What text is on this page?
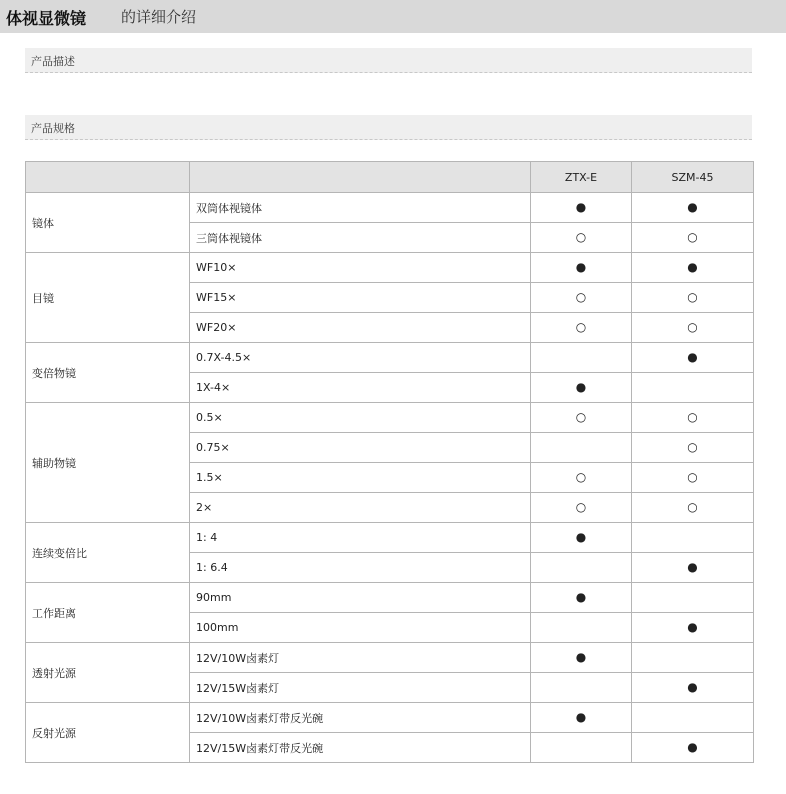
体视显微镜 的详细介绍
产品描述
产品规格
		ZTX-E	SZM-45
镜体	双筒体视镜体	●	●
	三筒体视镜体	○	○
目镜	WF10×	●	●
	WF15×	○	○
	WF20×	○	○
变倍物镜	0.7X-4.5×		●
	1X-4×	●	
辅助物镜	0.5×	○	○
	0.75×		○
	1.5×	○	○
	2×	○	○
连续变倍比	1: 4	●	
	1: 6.4		●
工作距离	90mm	●	
	100mm		●
透射光源	12V/10W卤素灯	●	
	12V/15W卤素灯		●
反射光源	12V/10W卤素灯带反光碗	●	
	12V/15W卤素灯带反光碗		●
